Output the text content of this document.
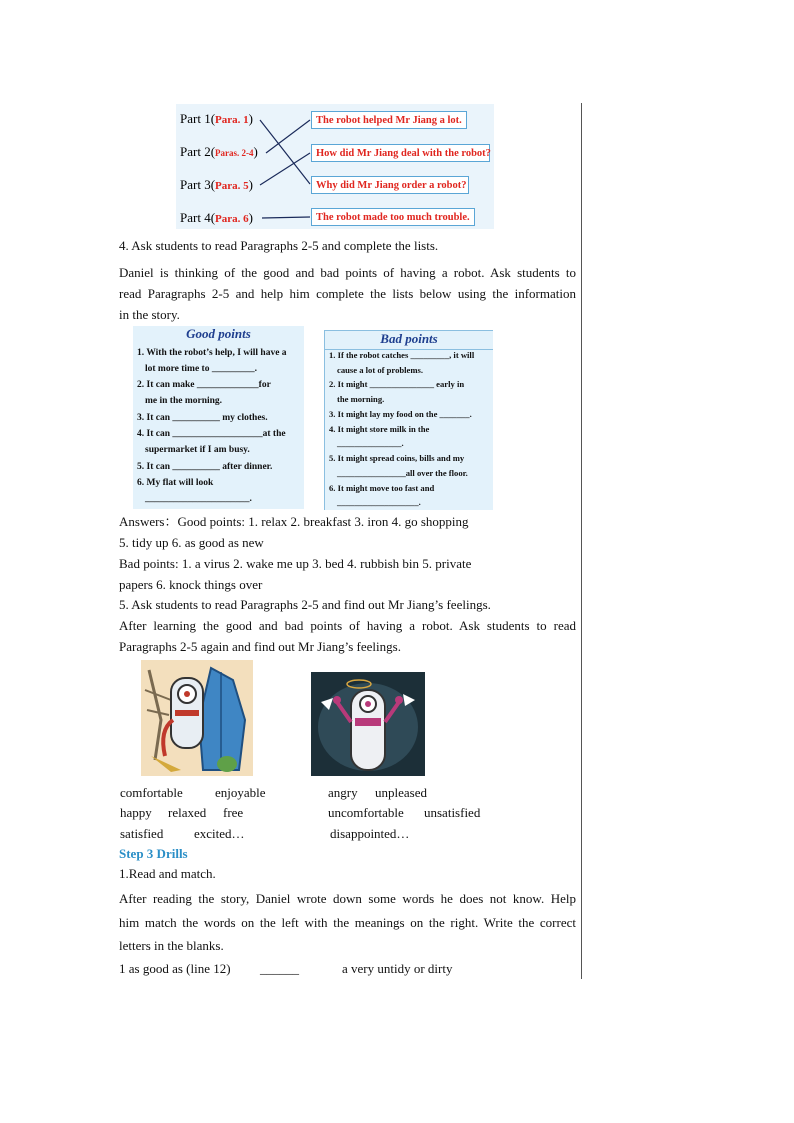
Part 1(Para. 1)
Part 2(Paras. 2-4)
Part 3(Para. 5)
Part 4(Para. 6)
The robot helped Mr Jiang a lot.
How did Mr Jiang deal with the robot?
Why did Mr Jiang order a robot?
The robot made too much trouble.
4. Ask students to read Paragraphs 2-5 and complete the lists.
Daniel is thinking of the good and bad points of having a robot. Ask students to
read Paragraphs 2-5 and help him complete the lists below using the information
in the story.
Good points
1. With the robot’s help, I will have a
lot more time to _________.
2. It can make _____________for
me in the morning.
3. It can __________ my clothes.
4. It can ___________________at the
supermarket if I am busy.
5. It can __________ after dinner.
6. My flat will look
______________________.
Bad points
1. If the robot catches _________, it will
cause a lot of problems.
2. It might _______________ early in
the morning.
3. It might lay my food on the _______.
4. It might store milk in the
_______________.
5. It might spread coins, bills and my
________________all over the floor.
6. It might move too fast and
___________________.
Answers：Good points: 1. relax 2. breakfast 3. iron 4. go shopping
5. tidy up 6. as good as new
Bad points: 1. a virus 2. wake me up 3. bed 4. rubbish bin 5. private
papers 6. knock things over
5. Ask students to read Paragraphs 2-5 and find out Mr Jiang’s feelings.
After learning the good and bad points of having a robot. Ask students to read
Paragraphs 2-5 again and find out Mr Jiang’s feelings.
comfortable enjoyable
happy relaxed free
satisfied excited…
angry unpleased
uncomfortable unsatisfied
disappointed…
Step 3 Drills
1.Read and match.
After reading the story, Daniel wrote down some words he does not know. Help
him match the words on the left with the meanings on the right. Write the correct
letters in the blanks.
1 as good as (line 12) ______	a very untidy or dirty
